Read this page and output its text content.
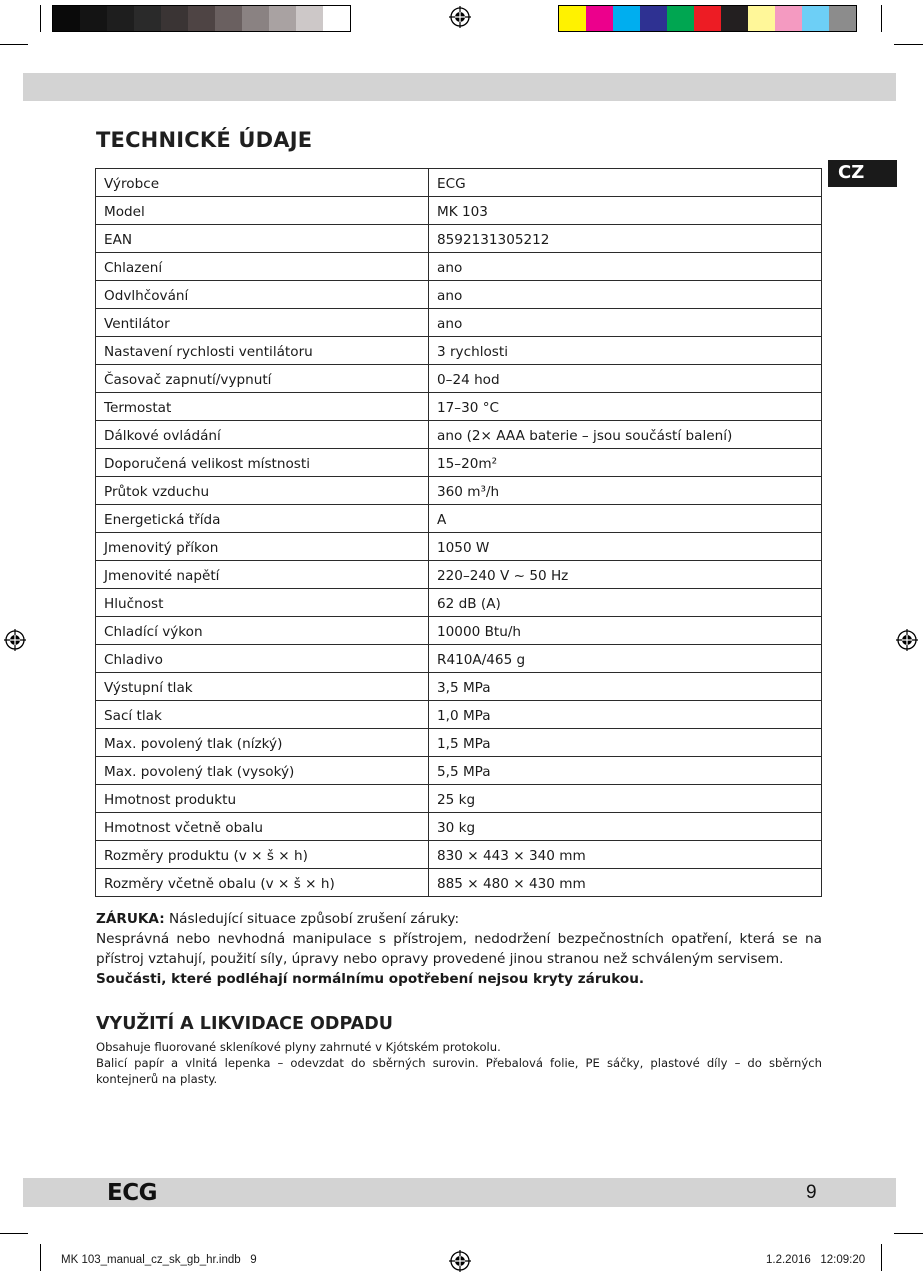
TECHNICKÉ ÚDAJE
CZ
Výrobce	ECG
Model	MK 103
EAN	8592131305212
Chlazení	ano
Odvlhčování	ano
Ventilátor	ano
Nastavení rychlosti ventilátoru	3 rychlosti
Časovač zapnutí/vypnutí	0–24 hod
Termostat	17–30 °C
Dálkové ovládání	ano (2× AAA baterie – jsou součástí balení)
Doporučená velikost místnosti	15–20m²
Průtok vzduchu	360 m³/h
Energetická třída	A
Jmenovitý příkon	1050 W
Jmenovité napětí	220–240 V ~ 50 Hz
Hlučnost	62 dB (A)
Chladící výkon	10000 Btu/h
Chladivo	R410A/465 g
Výstupní tlak	3,5 MPa
Sací tlak	1,0 MPa
Max. povolený tlak (nízký)	1,5 MPa
Max. povolený tlak (vysoký)	5,5 MPa
Hmotnost produktu	25 kg
Hmotnost včetně obalu	30 kg
Rozměry produktu (v × š × h)	830 × 443 × 340 mm
Rozměry včetně obalu (v × š × h)	885 × 480 × 430 mm

ZÁRUKA: Následující situace způsobí zrušení záruky:

Nesprávná nebo nevhodná manipulace s přístrojem, nedodržení bezpečnostních opatření, která se na přístroj vztahují, použití síly, úpravy nebo opravy provedené jinou stranou než schváleným servisem.

Součásti, které podléhají normálnímu opotřebení nejsou kryty zárukou.

VYUŽITÍ A LIKVIDACE ODPADU

Obsahuje fluorované skleníkové plyny zahrnuté v Kjótském protokolu.

Balicí papír a vlnitá lepenka – odevzdat do sběrných surovin. Přebalová folie, PE sáčky, plastové díly – do sběrných kontejnerů na plasty.

ECG	9
MK 103_manual_cz_sk_gb_hr.indb   9	1.2.2016   12:09:20
